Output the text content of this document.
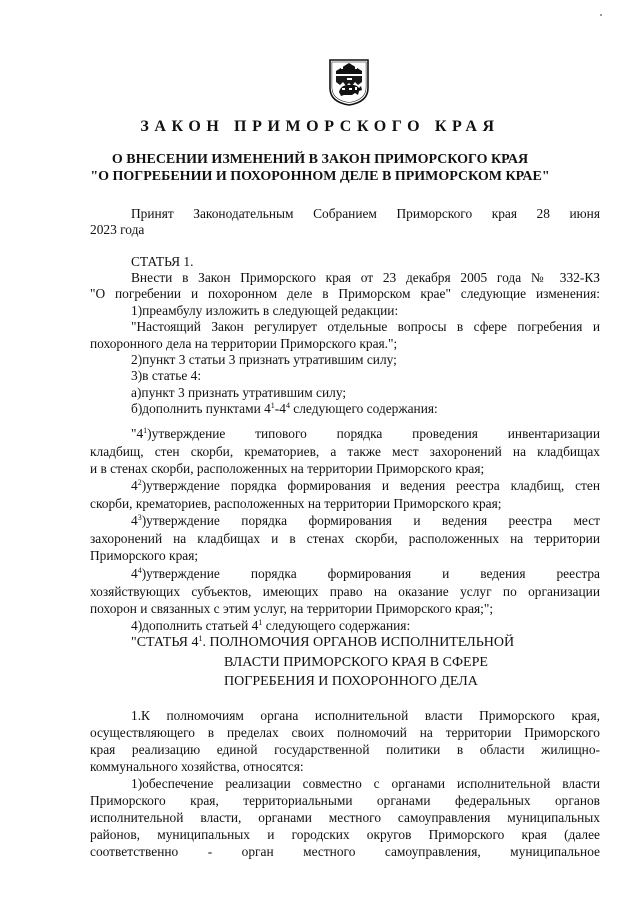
ЗАКОН ПРИМОРСКОГО КРАЯ
О ВНЕСЕНИИ ИЗМЕНЕНИЙ В ЗАКОН ПРИМОРСКОГО КРАЯ
"О ПОГРЕБЕНИИ И ПОХОРОННОМ ДЕЛЕ В ПРИМОРСКОМ КРАЕ"
Принят Законодательным Собранием Приморского края 28 июня
2023 года
СТАТЬЯ 1.
Внести в Закон Приморского края от 23 декабря 2005 года № 332-КЗ
"О погребении и похоронном деле в Приморском крае" следующие изменения:
1)преамбулу изложить в следующей редакции:
"Настоящий Закон регулирует отдельные вопросы в сфере погребения и
похоронного дела на территории Приморского края.";
2)пункт 3 статьи 3 признать утратившим силу;
3)в статье 4:
а)пункт 3 признать утратившим силу;
б)дополнить пунктами $4^1-4^4$ следующего содержания:
"$4^1)утверждение$ типового порядка проведения инвентаризации
кладбищ, стен скорби, крематориев, а также мест захоронений на кладбищах
и в стенах скорби, расположенных на территории Приморского края;
$4^2)утверждение$ порядка формирования и ведения реестра кладбищ, стен
скорби, крематориев, расположенных на территории Приморского края;
$4^3)утверждение$ порядка формирования и ведения реестра мест
захоронений на кладбищах и в стенах скорби, расположенных на территории
Приморского края;
$4^4)утверждение$ порядка формирования и ведения реестра
хозяйствующих субъектов, имеющих право на оказание услуг по организации
похорон и связанных с этим услуг, на территории Приморского края;";
4)дополнить статьей $4^1$ следующего содержания:
"СТАТЬЯ $4^1$. ПОЛНОМОЧИЯ ОРГАНОВ ИСПОЛНИТЕЛЬНОЙ
ВЛАСТИ ПРИМОРСКОГО КРАЯ В СФЕРЕ
ПОГРЕБЕНИЯ И ПОХОРОННОГО ДЕЛА
1.К полномочиям органа исполнительной власти Приморского края,
осуществляющего в пределах своих полномочий на территории Приморского
края реализацию единой государственной политики в области жилищно-
коммунального хозяйства, относятся:
1)обеспечение реализации совместно с органами исполнительной власти
Приморского края, территориальными органами федеральных органов
исполнительной власти, органами местного самоуправления муниципальных
районов, муниципальных и городских округов Приморского края (далее
соответственно - орган местного самоуправления, муниципальное
